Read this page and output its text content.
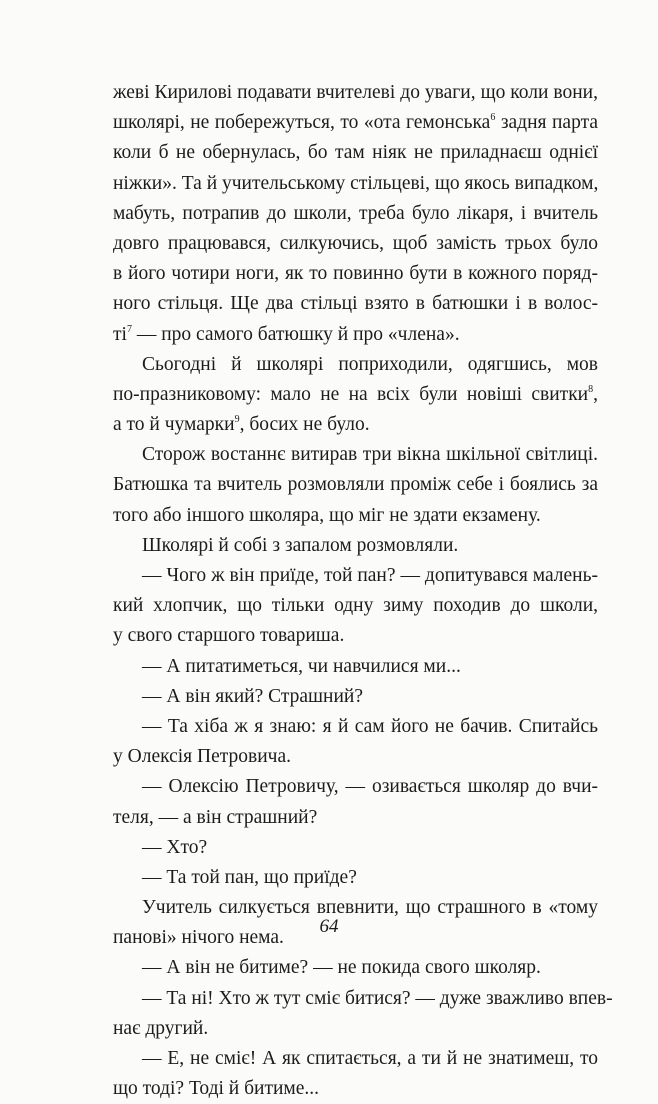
жеві Кирилові подавати вчителеві до уваги, що коли вони,
школярі, не побережуться, то «ота гемонська$^6$ задня парта
коли б не обернулась, бо там ніяк не приладнаєш однієї
ніжки». Та й учительському стільцеві, що якось випадком,
мабуть, потрапив до школи, треба було лікаря, і вчитель
довго працювався, силкуючись, щоб замість трьох було
в його чотири ноги, як то повинно бути в кожного поряд-
ного стільця. Ще два стільці взято в батюшки і в волос-
$ті^7$ — про самого батюшку й про «члена».
Сьогодні й школярі поприходили, одягшись, мов
по-празниковому: мало не на всіх були новіші свитки$^8$,
а то й чумарки$^9$, босих не було.
Сторож востаннє витирав три вікна шкільної світлиці.
Батюшка та вчитель розмовляли проміж себе і боялись за
того або іншого школяра, що міг не здати екзамену.
Школярі й собі з запалом розмовляли.
— Чого ж він приїде, той пан? — допитувався малень-
кий хлопчик, що тільки одну зиму походив до школи,
у свого старшого товариша.
— А питатиметься, чи навчилися ми...
— А він який? Страшний?
— Та хіба ж я знаю: я й сам його не бачив. Спитайсь
у Олексія Петровича.
— Олексію Петровичу, — озивається школяр до вчи-
теля, — а він страшний?
— Хто?
— Та той пан, що приїде?
Учитель силкується впевнити, що страшного в «тому
панові» нічого нема.
— А він не битиме? — не покида свого школяр.
— Та ні! Хто ж тут сміє битися? — дуже зважливо впев-
нає другий.
— Е, не сміє! А як спитається, а ти й не знатимеш, то
що тоді? Тоді й битиме...
64
